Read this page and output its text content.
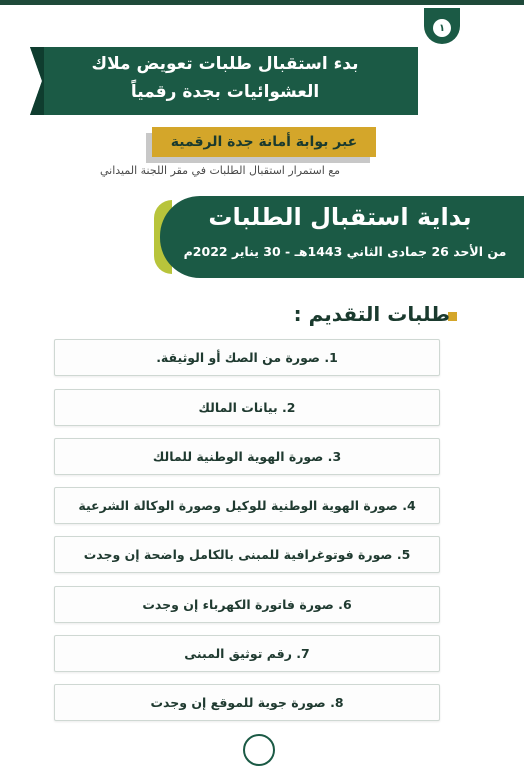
١
بدء استقبال طلبات تعويض ملاك
العشوائيات بجدة رقمياً
عبر بوابة أمانة جدة الرقمية
مع استمرار استقبال الطلبات في مقر اللجنة الميداني
بداية استقبال الطلبات
من الأحد 26 جمادى الثاني 1443هـ - 30 يناير 2022م
طلبات التقديم :
1. صورة من الصك أو الوثيقة.
2. بيانات المالك
3. صورة الهوية الوطنية للمالك
4. صورة الهوية الوطنية للوكيل وصورة الوكالة الشرعية
5. صورة فوتوغرافية للمبنى بالكامل واضحة إن وجدت
6. صورة فاتورة الكهرباء إن وجدت
7. رقم توثيق المبنى
8. صورة جوية للموقع إن وجدت
